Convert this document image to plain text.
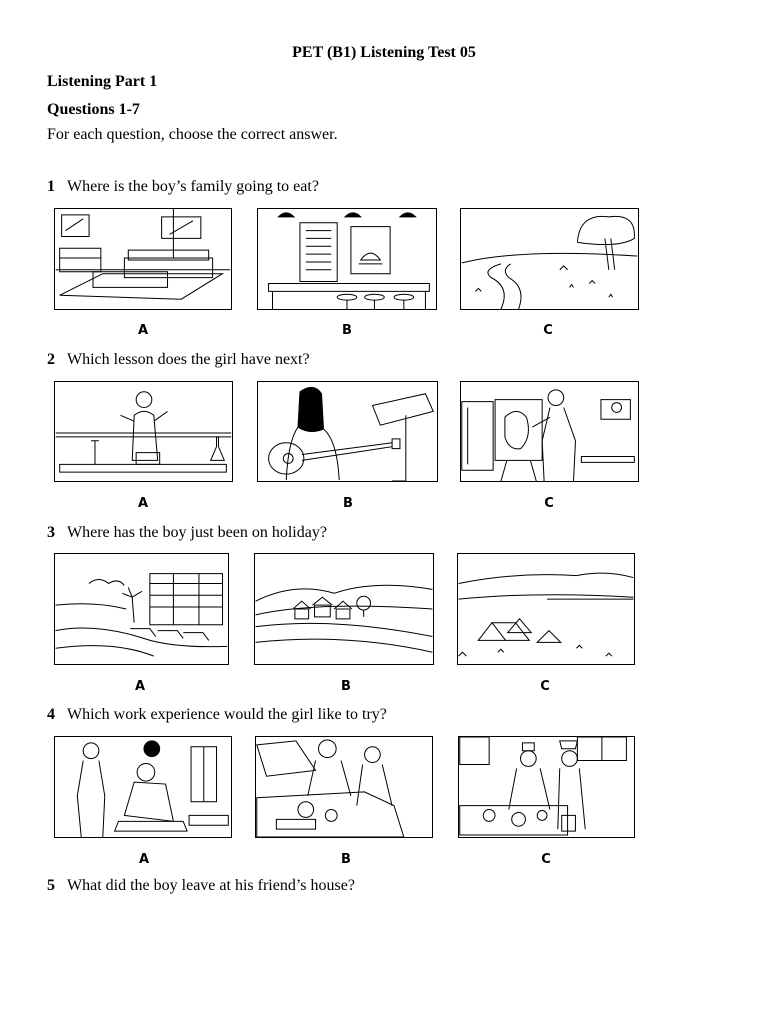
PET (B1) Listening Test 05
Listening Part 1
Questions 1-7
For each question, choose the correct answer.
1 Where is the boy’s family going to eat?
A	B	C
2 Which lesson does the girl have next?
A	B	C
3 Where has the boy just been on holiday?
A	B	C
4 Which work experience would the girl like to try?
A	B	C
5 What did the boy leave at his friend’s house?
